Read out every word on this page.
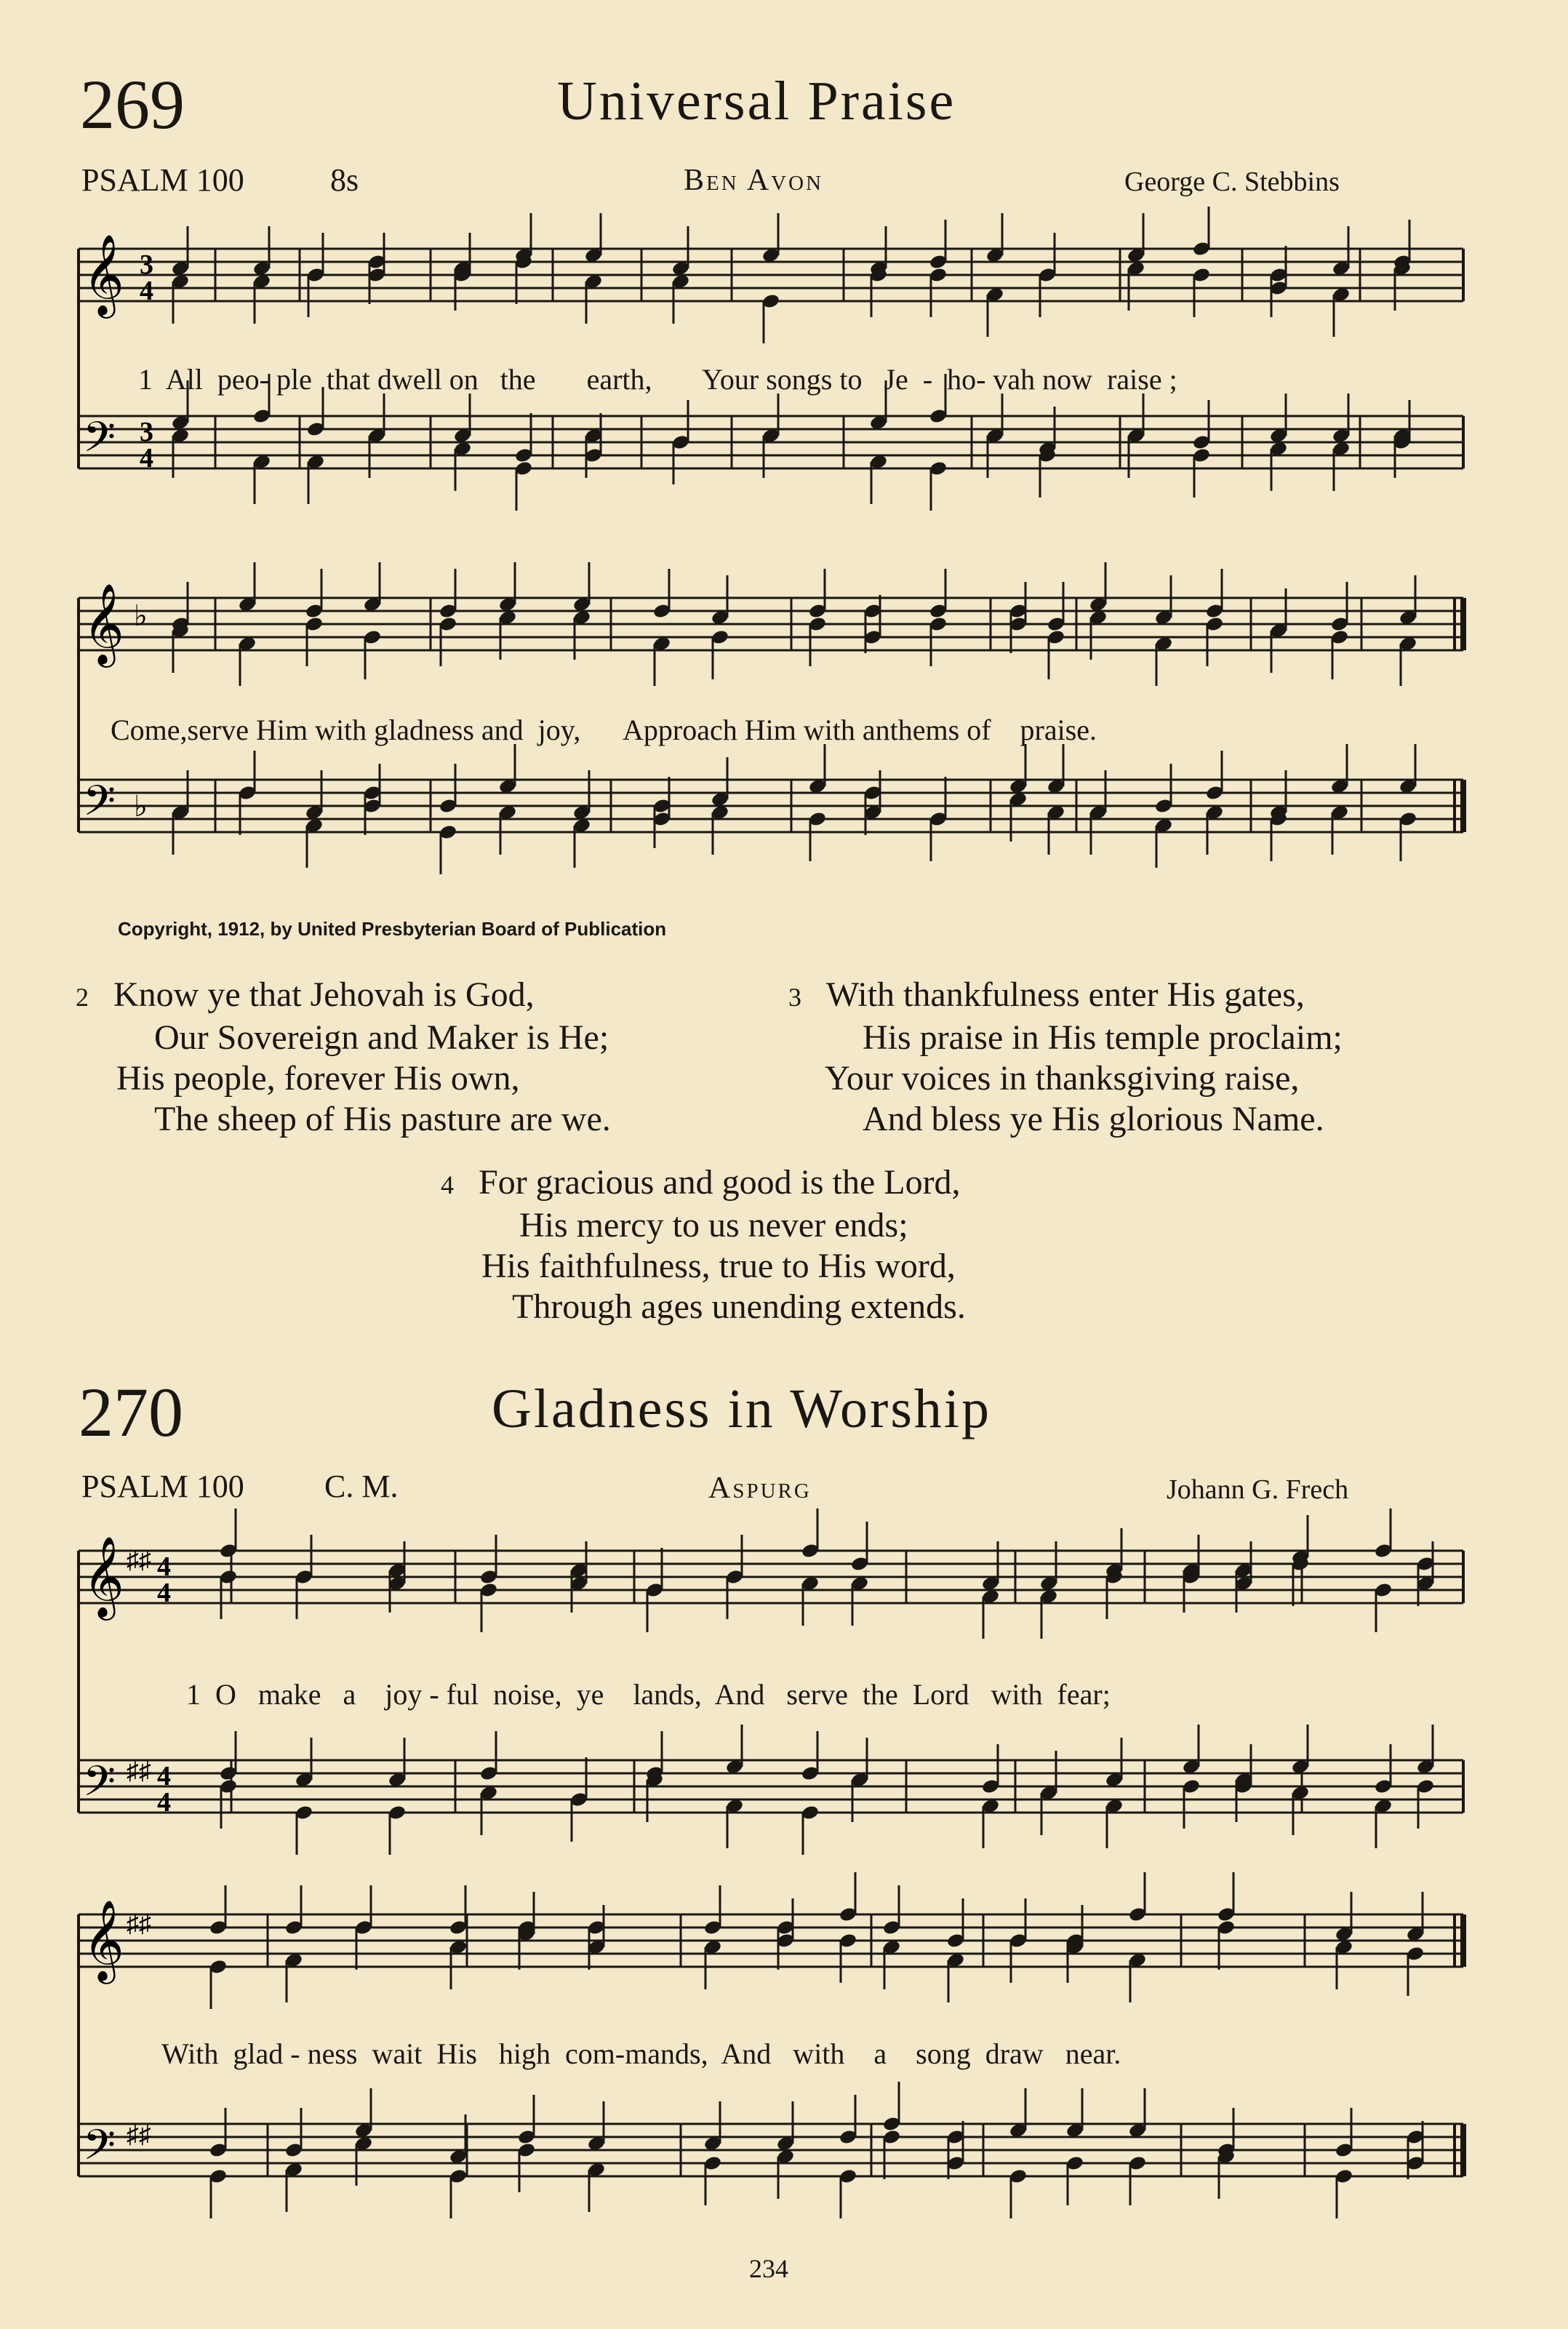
269	Universal Praise
PSALM 100	8s	Ben Avon	George C. Stebbins
𝄞
𝄢
3
4
3
4
1  All  peo- ple  that dwell on   the       earth,       Your songs to   Je  -  ho- vah now  raise ;
𝄞
𝄢
♭
♭
Come,serve Him with gladness and  joy,      Approach Him with anthems of    praise.
Copyright, 1912, by United Presbyterian Board of Publication
2 Know ye that Jehovah is God,
Our Sovereign and Maker is He;
His people, forever His own,
The sheep of His pasture are we.
3 With thankfulness enter His gates,
His praise in His temple proclaim;
Your voices in thanksgiving raise,
And bless ye His glorious Name.
4 For gracious and good is the Lord,
His mercy to us never ends;
His faithfulness, true to His word,
Through ages unending extends.
270	Gladness in Worship
PSALM 100	C. M.	Aspurg	Johann G. Frech
𝄞
𝄢
♯♯
♯♯
4
4
4
4
1  O   make   a    joy - ful  noise,  ye    lands,  And   serve  the  Lord   with  fear;
𝄞
𝄢
♯♯
♯♯
With  glad - ness  wait  His   high  com-mands,  And   with    a    song  draw   near.
234
